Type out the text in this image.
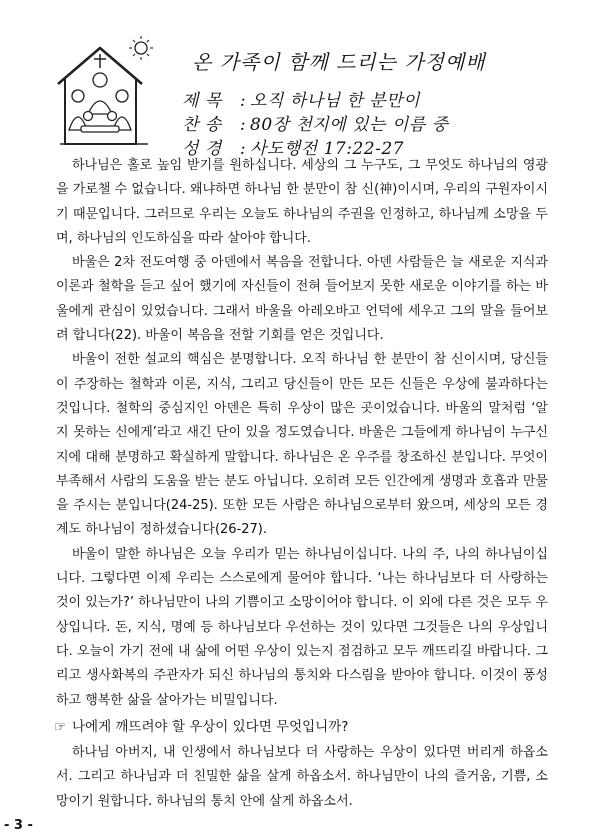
온 가족이 함께 드리는 가정예배
제 목 : 오직 하나님 한 분만이
찬 송 : 80장 천지에 있는 이름 중
성 경 : 사도행전 17:22-27

하나님은 홀로 높임 받기를 원하십니다. 세상의 그 누구도, 그 무엇도 하나님의 영광을 가로챌 수 없습니다. 왜냐하면 하나님 한 분만이 참 신(神)이시며, 우리의 구원자이시기 때문입니다. 그러므로 우리는 오늘도 하나님의 주권을 인정하고, 하나님께 소망을 두며, 하나님의 인도하심을 따라 살아야 합니다.

바울은 2차 전도여행 중 아덴에서 복음을 전합니다. 아덴 사람들은 늘 새로운 지식과 이론과 철학을 듣고 싶어 했기에 자신들이 전혀 들어보지 못한 새로운 이야기를 하는 바울에게 관심이 있었습니다. 그래서 바울을 아레오바고 언덕에 세우고 그의 말을 들어보려 합니다(22). 바울이 복음을 전할 기회를 얻은 것입니다.

바울이 전한 설교의 핵심은 분명합니다. 오직 하나님 한 분만이 참 신이시며, 당신들이 주장하는 철학과 이론, 지식, 그리고 당신들이 만든 모든 신들은 우상에 불과하다는 것입니다. 철학의 중심지인 아덴은 특히 우상이 많은 곳이었습니다. 바울의 말처럼 ‘알지 못하는 신에게’라고 새긴 단이 있을 정도였습니다. 바울은 그들에게 하나님이 누구신지에 대해 분명하고 확실하게 말합니다. 하나님은 온 우주를 창조하신 분입니다. 무엇이 부족해서 사람의 도움을 받는 분도 아닙니다. 오히려 모든 인간에게 생명과 호흡과 만물을 주시는 분입니다(24-25). 또한 모든 사람은 하나님으로부터 왔으며, 세상의 모든 경계도 하나님이 정하셨습니다(26-27).

바울이 말한 하나님은 오늘 우리가 믿는 하나님이십니다. 나의 주, 나의 하나님이십니다. 그렇다면 이제 우리는 스스로에게 물어야 합니다. ‘나는 하나님보다 더 사랑하는 것이 있는가?’ 하나님만이 나의 기쁨이고 소망이어야 합니다. 이 외에 다른 것은 모두 우상입니다. 돈, 지식, 명예 등 하나님보다 우선하는 것이 있다면 그것들은 나의 우상입니다. 오늘이 가기 전에 내 삶에 어떤 우상이 있는지 점검하고 모두 깨뜨리길 바랍니다. 그리고 생사화복의 주관자가 되신 하나님의 통치와 다스림을 받아야 합니다. 이것이 풍성하고 행복한 삶을 살아가는 비밀입니다.

☞ 나에게 깨뜨려야 할 우상이 있다면 무엇입니까?

하나님 아버지, 내 인생에서 하나님보다 더 사랑하는 우상이 있다면 버리게 하옵소서. 그리고 하나님과 더 친밀한 삶을 살게 하옵소서. 하나님만이 나의 즐거움, 기쁨, 소망이기 원합니다. 하나님의 통치 안에 살게 하옵소서.

- 3 -
